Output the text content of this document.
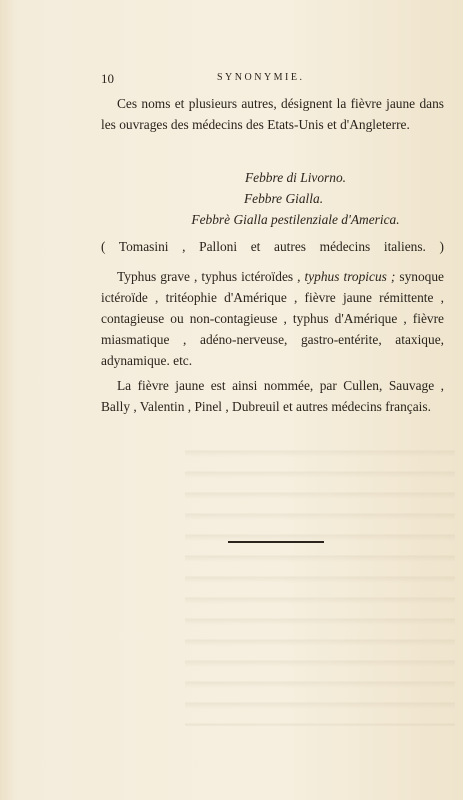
10	SYNONYMIE.

Ces noms et plusieurs autres, désignent la fièvre jaune dans les ouvrages des médecins des Etats-Unis et d'Angleterre.

Febbre di Livorno.
Febbre Gialla.
Febbrè Gialla pestilenziale d'America.
( Tomasini , Palloni et autres médecins italiens. )

Typhus grave , typhus ictéroïdes , typhus tropicus ; synoque ictéroïde , tritéophie d'Amérique , fièvre jaune rémittente , contagieuse ou non-contagieuse , typhus d'Amérique , fièvre miasmatique , adéno-nerveuse, gastro-entérite, ataxique, adynamique. etc.

La fièvre jaune est ainsi nommée, par Cullen, Sauvage , Bally , Valentin , Pinel , Dubreuil et autres médecins français.
